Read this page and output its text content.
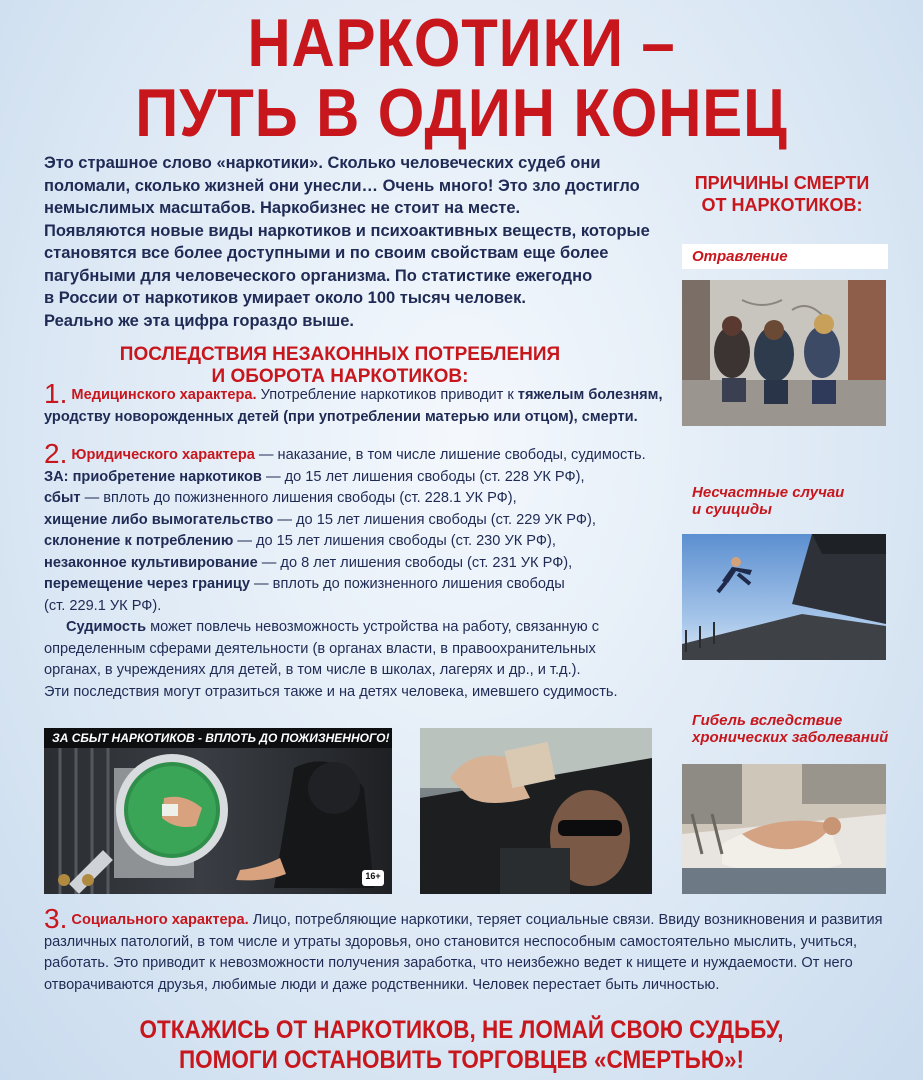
НАРКОТИКИ –
ПУТЬ В ОДИН КОНЕЦ
Это страшное слово «наркотики». Сколько человеческих судеб они
поломали, сколько жизней они унесли… Очень много! Это зло достигло
немыслимых масштабов. Наркобизнес не стоит на месте.
Появляются новые виды наркотиков и психоактивных веществ, которые
становятся все более доступными и по своим свойствам еще более
пагубными для человеческого организма. По статистике ежегодно
в России от наркотиков умирает около 100 тысяч человек.
Реально же эта цифра гораздо выше.
ПОСЛЕДСТВИЯ НЕЗАКОННЫХ ПОТРЕБЛЕНИЯ
И ОБОРОТА НАРКОТИКОВ:
1. Медицинского характера. Употребление наркотиков приводит к тяжелым болезням,
уродству новорожденных детей (при употреблении матерью или отцом), смерти.
2. Юридического характера — наказание, в том числе лишение свободы, судимость.
ЗА: приобретение наркотиков — до 15 лет лишения свободы (ст. 228 УК РФ),
сбыт — вплоть до пожизненного лишения свободы (ст. 228.1 УК РФ),
хищение либо вымогательство — до 15 лет лишения свободы (ст. 229 УК РФ),
склонение к потреблению — до 15 лет лишения свободы (ст. 230 УК РФ),
незаконное культивирование — до 8 лет лишения свободы (ст. 231 УК РФ),
перемещение через границу — вплоть до пожизненного лишения свободы
(ст. 229.1 УК РФ).
Судимость может повлечь невозможность устройства на работу, связанную с
определенным сферами деятельности (в органах власти, в правоохранительных
органах, в учреждениях для детей, в том числе в школах, лагерях и др., и т.д.).
Эти последствия могут отразиться также и на детях человека, имевшего судимость.
ЗА СБЫТ НАРКОТИКОВ - ВПЛОТЬ ДО ПОЖИЗНЕННОГО!
16+
3. Социального характера. Лицо, потребляющие наркотики, теряет социальные связи. Ввиду возникновения и развития
различных патологий, в том числе и утраты здоровья, оно становится неспособным самостоятельно мыслить, учиться,
работать. Это приводит к невозможности получения заработка, что неизбежно ведет к нищете и нуждаемости. От него
отворачиваются друзья, любимые люди и даже родственники. Человек перестает быть личностью.
ПРИЧИНЫ СМЕРТИ
ОТ НАРКОТИКОВ:
Отравление
Несчастные случаи
и суициды
Гибель вследствие
хронических заболеваний
ОТКАЖИСЬ ОТ НАРКОТИКОВ, НЕ ЛОМАЙ СВОЮ СУДЬБУ,
ПОМОГИ ОСТАНОВИТЬ ТОРГОВЦЕВ «СМЕРТЬЮ»!
